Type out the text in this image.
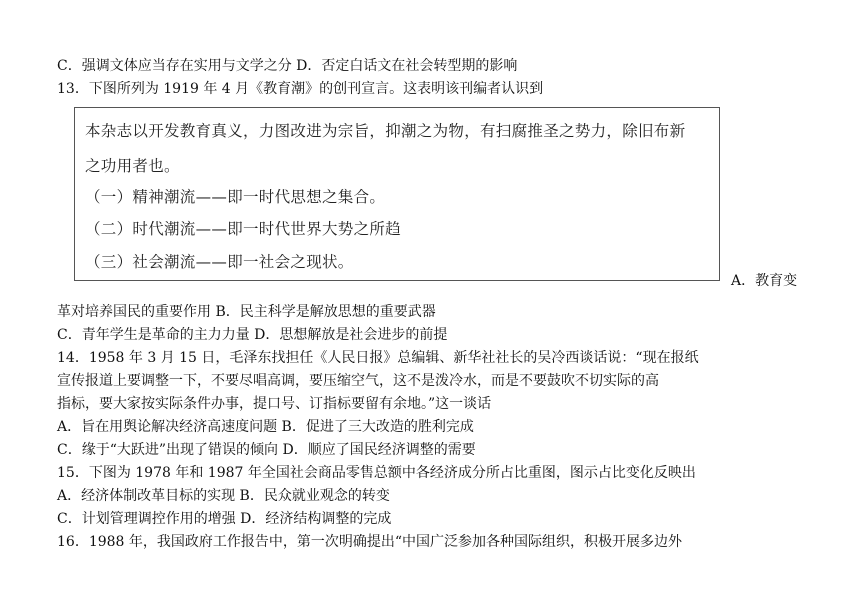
C．强调文体应当存在实用与文学之分 D．否定白话文在社会转型期的影响
13．下图所列为 1919 年 4 月《教育潮》的创刊宣言。这表明该刊编者认识到
本杂志以开发教育真义，力图改进为宗旨，抑潮之为物，有扫腐推圣之势力，除旧布新
之功用者也。
（一）精神潮流——即一时代思想之集合。
（二）时代潮流——即一时代世界大势之所趋
（三）社会潮流——即一社会之现状。
A．教育变
革对培养国民的重要作用 B．民主科学是解放思想的重要武器
C．青年学生是革命的主力力量 D．思想解放是社会进步的前提
14．1958 年 3 月 15 日，毛泽东找担任《人民日报》总编辑、新华社社长的吴冷西谈话说：“现在报纸
宣传报道上要调整一下，不要尽唱高调，要压缩空气，这不是泼冷水，而是不要鼓吹不切实际的高
指标，要大家按实际条件办事，提口号、订指标要留有余地。”这一谈话
A．旨在用舆论解决经济高速度问题 B．促进了三大改造的胜利完成
C．缘于“大跃进”出现了错误的倾向 D．顺应了国民经济调整的需要
15．下图为 1978 年和 1987 年全国社会商品零售总额中各经济成分所占比重图，图示占比变化反映出
A．经济体制改革目标的实现 B．民众就业观念的转变
C．计划管理调控作用的增强 D．经济结构调整的完成
16．1988 年，我国政府工作报告中，第一次明确提出“中国广泛参加各种国际组织，积极开展多边外
